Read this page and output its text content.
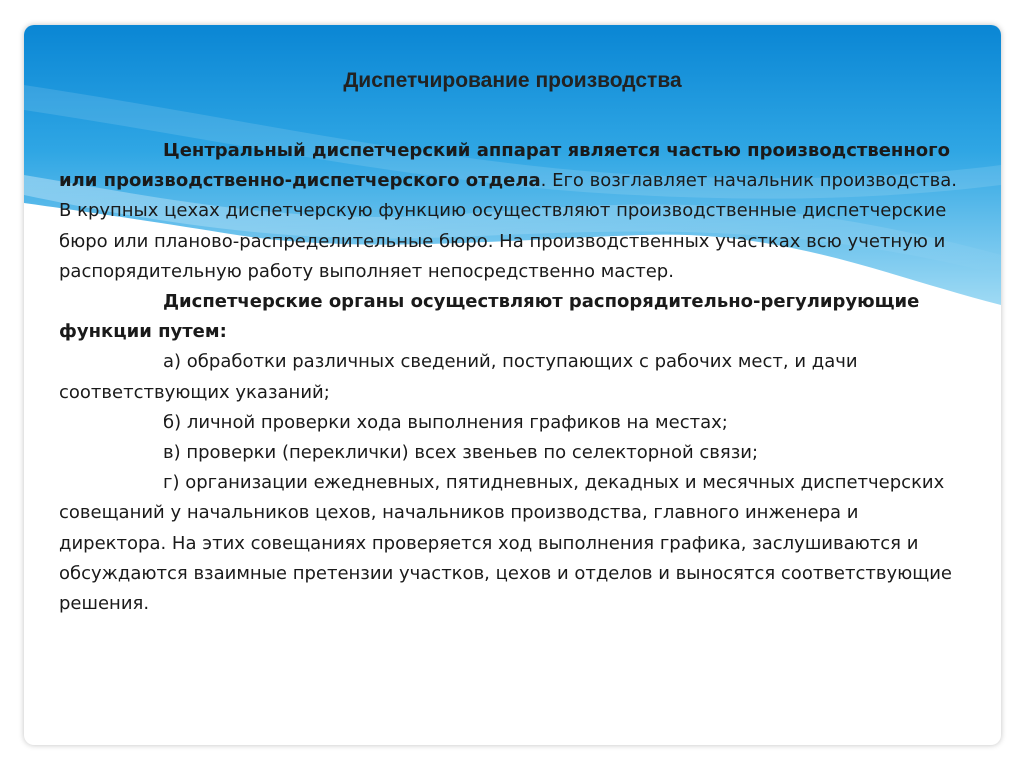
Диспетчирование производства

Центральный диспетчерский аппарат является частью производственного или производственно-диспетчерского отдела. Его возглавляет начальник производства. В крупных цехах диспетчерскую функцию осуществляют производственные диспетчерские бюро или планово-распределительные бюро. На производственных участках всю учетную и распорядительную работу выполняет непосредственно мастер.

Диспетчерские органы осуществляют распорядительно-регулирующие функции путем:

а) обработки различных сведений, поступающих с рабочих мест, и дачи соответствующих указаний;

б) личной проверки хода выполнения графиков на местах;

в) проверки (переклички) всех звеньев по селекторной связи;

г) организации ежедневных, пятидневных, декадных и месячных диспетчерских совещаний у начальников цехов, начальников производства, главного инженера и директора. На этих совещаниях проверяется ход выполнения графика, заслушиваются и обсуждаются взаимные претензии участков, цехов и отделов и выносятся соответствующие решения.
